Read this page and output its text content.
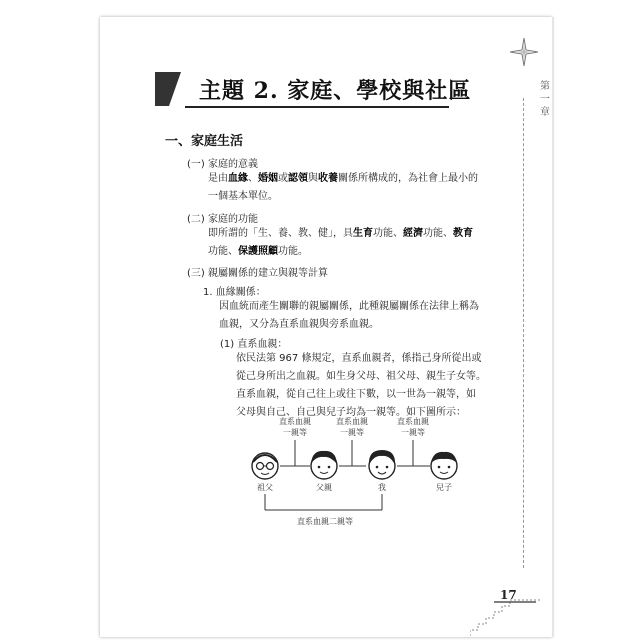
第一章
17
主題 2. 家庭、學校與社區
一、家庭生活
(一) 家庭的意義
是由血緣、婚姻或認領與收養關係所構成的，為社會上最小的
一個基本單位。
(二) 家庭的功能
即所謂的「生、養、教、健」，具生育功能、經濟功能、教育
功能、保護照顧功能。
(三) 親屬關係的建立與親等計算
1. 血緣關係：
因血統而產生關聯的親屬關係，此種親屬關係在法律上稱為
血親，又分為直系血親與旁系血親。
(1) 直系血親：
依民法第 967 條規定，直系血親者，係指己身所從出或
從己身所出之血親。如生身父母、祖父母、親生子女等。
直系血親，從自己往上或往下數，以一世為一親等，如
父母與自己、自己與兒子均為一親等。如下圖所示：
直系血親
一親等
直系血親
一親等
直系血親
一親等
祖父	父親	我	兒子
直系血親二親等
